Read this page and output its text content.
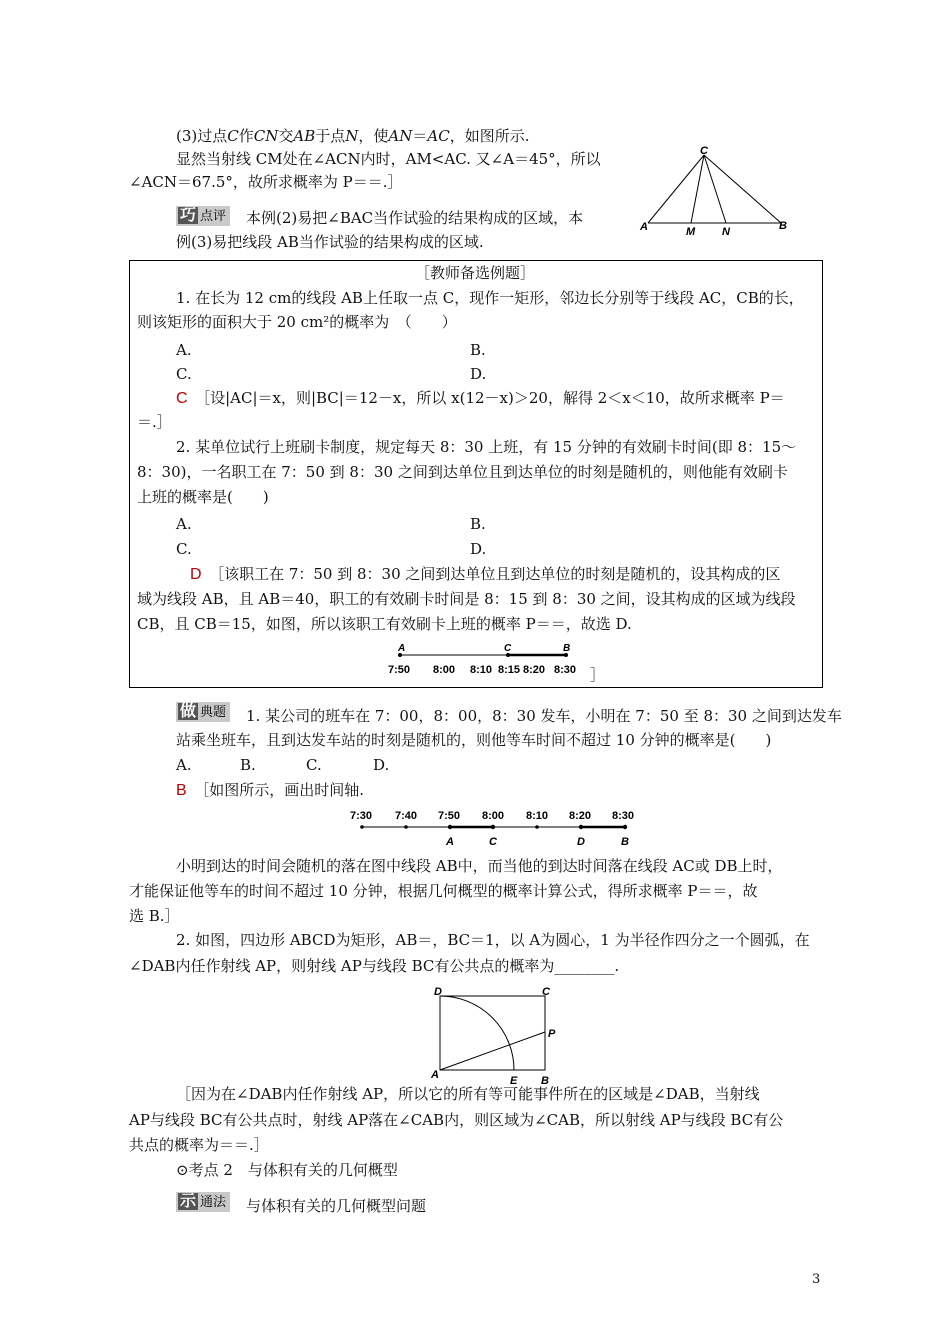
(3)过点C作CN交AB于点N，使AN＝AC，如图所示.
显然当射线 CM处在∠ACN内时，AM<AC. 又∠A＝45°，所以
∠ACN＝67.5°，故所求概率为 P＝＝.］
C
A	M N	B
巧 点评 本例(2)易把∠BAC当作试验的结果构成的区域，本
例(3)易把线段 AB当作试验的结果构成的区域.
［教师备选例题］
1. 在长为 12 cm的线段 AB上任取一点 C，现作一矩形，邻边长分别等于线段 AC，CB的长，
则该矩形的面积大于 20 cm²的概率为　（　　）
A.	B.
C.	D.
C　 ［设|AC|＝x，则|BC|＝12－x，所以 x(12－x)＞20，解得 2＜x＜10，故所求概率 P＝
＝.］
2. 某单位试行上班刷卡制度，规定每天 8：30 上班，有 15 分钟的有效刷卡时间(即 8：15～
8：30)，一名职工在 7：50 到 8：30 之间到达单位且到达单位的时刻是随机的，则他能有效刷卡
上班的概率是(　　)
A.	B.
C.	D.
D　 ［该职工在 7：50 到 8：30 之间到达单位且到达单位的时刻是随机的，设其构成的区
域为线段 AB，且 AB＝40，职工的有效刷卡时间是 8：15 到 8：30 之间，设其构成的区域为线段
CB，且 CB＝15，如图，所以该职工有效刷卡上班的概率 P＝＝，故选 D.
A	C	B
7:50 8:00 8:10 8:15 8:20 8:30 ］
做 典题 1. 某公司的班车在 7：00，8：00，8：30 发车，小明在 7：50 至 8：30 之间到达发车
站乘坐班车，且到达发车站的时刻是随机的，则他等车时间不超过 10 分钟的概率是(　　)
A.	B.	C.	D.
B　 ［如图所示，画出时间轴.
7:30 7:40 7:50 8:00 8:10 8:20 8:30
A	C	D	B
小明到达的时间会随机的落在图中线段 AB中，而当他的到达时间落在线段 AC或 DB上时，
才能保证他等车的时间不超过 10 分钟，根据几何概型的概率计算公式，得所求概率 P＝＝，故
选 B.］
2. 如图，四边形 ABCD为矩形，AB＝，BC＝1，以 A为圆心，1 为半径作四分之一个圆弧，在
∠DAB内任作射线 AP，则射线 AP与线段 BC有公共点的概率为________.
D	C
P
A	E B
［因为在∠DAB内任作射线 AP，所以它的所有等可能事件所在的区域是∠DAB，当射线
AP与线段 BC有公共点时，射线 AP落在∠CAB内，则区域为∠CAB，所以射线 AP与线段 BC有公
共点的概率为＝＝.］
⊙考点 2　与体积有关的几何概型
示 通法 与体积有关的几何概型问题
3
